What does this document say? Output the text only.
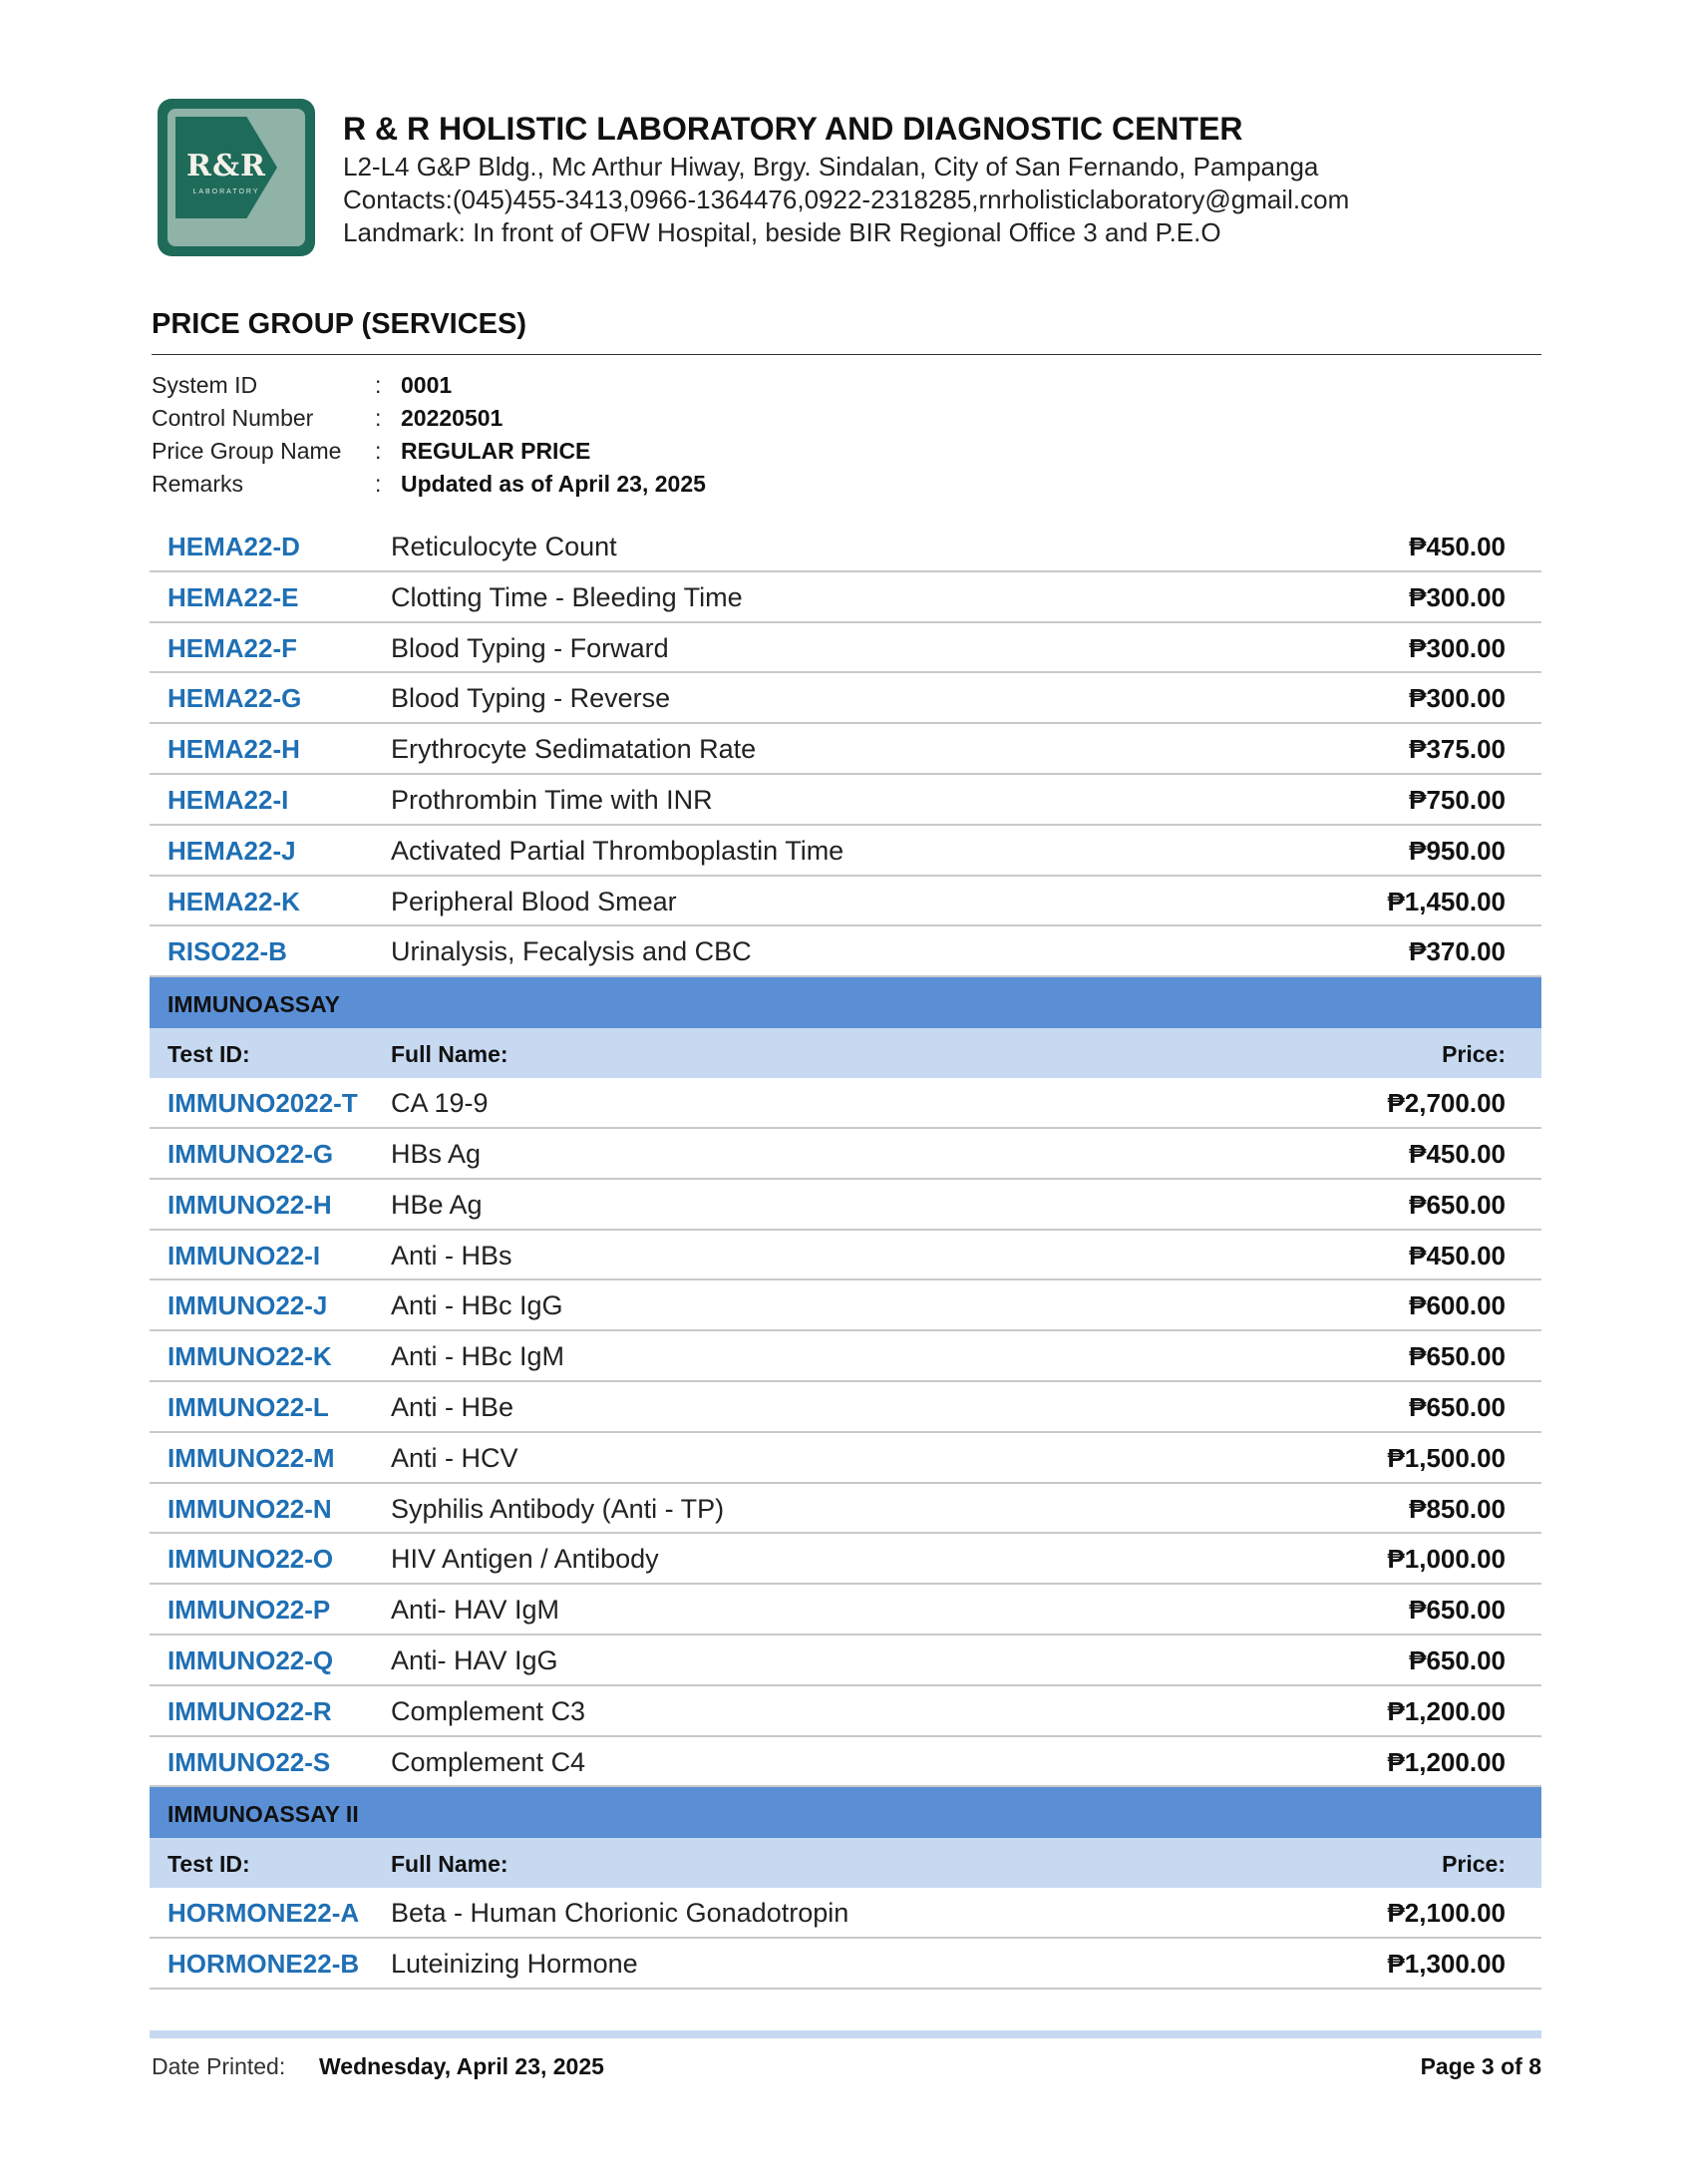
R&R
LABORATORY
R & R HOLISTIC LABORATORY AND DIAGNOSTIC CENTER
L2-L4 G&P Bldg., Mc Arthur Hiway, Brgy. Sindalan, City of San Fernando, Pampanga
Contacts:(045)455-3413,0966-1364476,0922-2318285,rnrholisticlaboratory@gmail.com
Landmark: In front of OFW Hospital, beside BIR Regional Office 3 and P.E.O
PRICE GROUP (SERVICES)
System ID	: 0001
Control Number	: 20220501
Price Group Name : REGULAR PRICE
Remarks	: Updated as of April 23, 2025
HEMA22-D	Reticulocyte Count	₱450.00
HEMA22-E	Clotting Time - Bleeding Time	₱300.00
HEMA22-F	Blood Typing - Forward	₱300.00
HEMA22-G	Blood Typing - Reverse	₱300.00
HEMA22-H	Erythrocyte Sedimatation Rate	₱375.00
HEMA22-I	Prothrombin Time with INR	₱750.00
HEMA22-J	Activated Partial Thromboplastin Time	₱950.00
HEMA22-K	Peripheral Blood Smear	₱1,450.00
RISO22-B	Urinalysis, Fecalysis and CBC	₱370.00
IMMUNOASSAY
Test ID:	Full Name:	Price:
IMMUNO2022-T CA 19-9	₱2,700.00
IMMUNO22-G HBs Ag	₱450.00
IMMUNO22-H HBe Ag	₱650.00
IMMUNO22-I	Anti - HBs	₱450.00
IMMUNO22-J Anti - HBc IgG	₱600.00
IMMUNO22-K Anti - HBc IgM	₱650.00
IMMUNO22-L Anti - HBe	₱650.00
IMMUNO22-M Anti - HCV	₱1,500.00
IMMUNO22-N Syphilis Antibody (Anti - TP)	₱850.00
IMMUNO22-O HIV Antigen / Antibody	₱1,000.00
IMMUNO22-P Anti- HAV IgM	₱650.00
IMMUNO22-Q Anti- HAV IgG	₱650.00
IMMUNO22-R Complement C3	₱1,200.00
IMMUNO22-S Complement C4	₱1,200.00
IMMUNOASSAY II
Test ID:	Full Name:	Price:
HORMONE22-A Beta - Human Chorionic Gonadotropin	₱2,100.00
HORMONE22-B Luteinizing Hormone	₱1,300.00
Date Printed: Wednesday, April 23, 2025	Page 3 of 8
